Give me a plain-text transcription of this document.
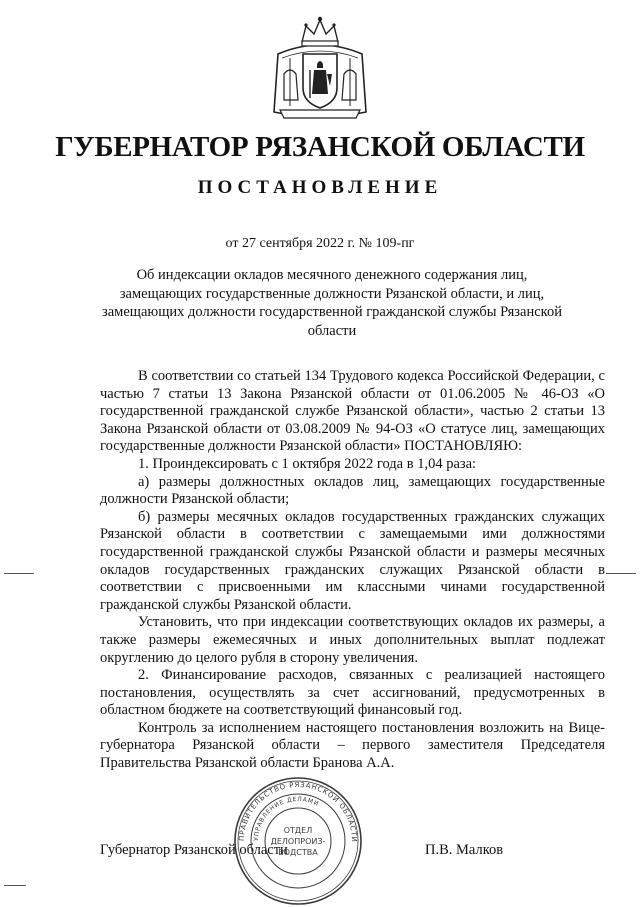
ГУБЕРНАТОР РЯЗАНСКОЙ ОБЛАСТИ
ПОСТАНОВЛЕНИЕ
от 27 сентября 2022 г. № 109-пг
Об индексации окладов месячного денежного содержания лиц, замещающих государственные должности Рязанской области, и лиц, замещающих должности государственной гражданской службы Рязанской области

В соответствии со статьей 134 Трудового кодекса Российской Федерации, с частью 7 статьи 13 Закона Рязанской области от 01.06.2005 № 46-ОЗ «О государственной гражданской службе Рязанской области», частью 2 статьи 13 Закона Рязанской области от 03.08.2009 № 94-ОЗ «О статусе лиц, замещающих государственные должности Рязанской области» ПОСТАНОВЛЯЮ:

1. Проиндексировать с 1 октября 2022 года в 1,04 раза:

а) размеры должностных окладов лиц, замещающих государственные должности Рязанской области;

б) размеры месячных окладов государственных гражданских служащих Рязанской области в соответствии с замещаемыми ими должностями государственной гражданской службы Рязанской области и размеры месячных окладов государственных гражданских служащих Рязанской области в соответствии с присвоенными им классными чинами государственной гражданской службы Рязанской области.

Установить, что при индексации соответствующих окладов их размеры, а также размеры ежемесячных и иных дополнительных выплат подлежат округлению до целого рубля в сторону увеличения.

2. Финансирование расходов, связанных с реализацией настоящего постановления, осуществлять за счет ассигнований, предусмотренных в областном бюджете на соответствующий финансовый год.

Контроль за исполнением настоящего постановления возложить на Вице-губернатора Рязанской области – первого заместителя Председателя Правительства Рязанской области Бранова А.А.

Губернатор Рязанской области	П.В. Малков
ПРАВИТЕЛЬСТВО РЯЗАНСКОЙ ОБЛАСТИ
УПРАВЛЕНИЕ ДЕЛАМИ
ОТДЕЛ
ДЕЛОПРОИЗ-
ВОДСТВА
